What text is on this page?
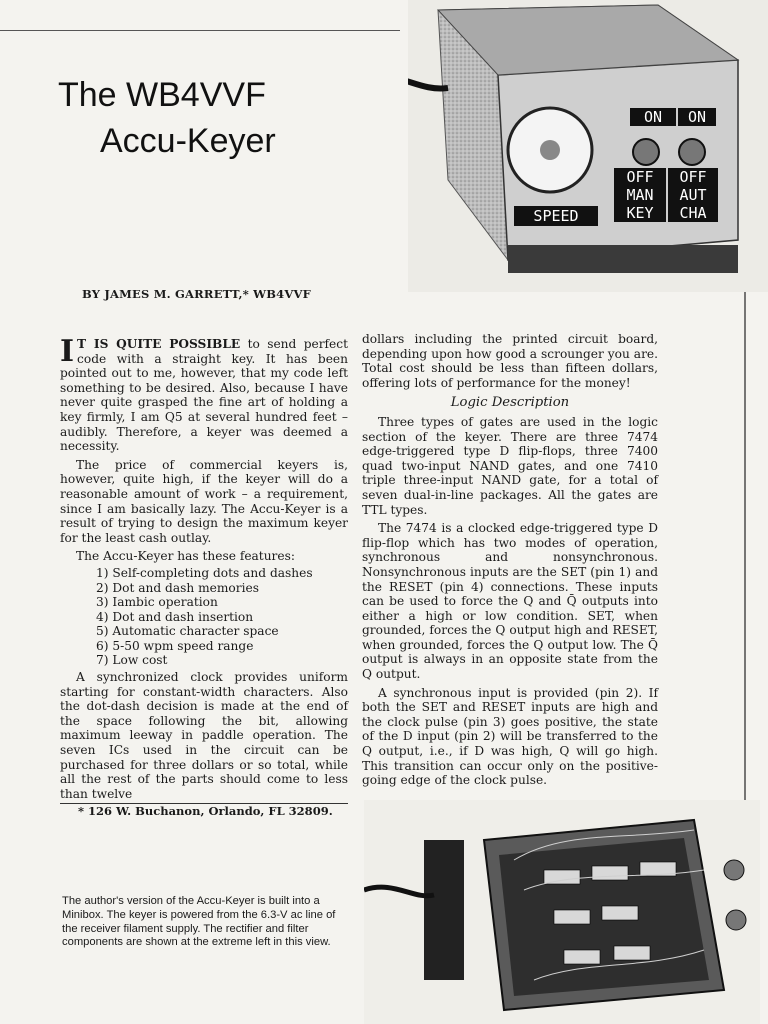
The WB4VVF
Accu-Keyer
ON ON
OFF OFF
MAN AUT
KEY CHA
SPEED
BY JAMES M. GARRETT,* WB4VVF

I T IS QUITE POSSIBLE to send perfect code with a straight key. It has been pointed out to me, however, that my code left something to be desired. Also, because I have never quite grasped the fine art of holding a key firmly, I am Q5 at several hundred feet – audibly. Therefore, a keyer was deemed a necessity.

The price of commercial keyers is, however, quite high, if the keyer will do a reasonable amount of work – a requirement, since I am basically lazy. The Accu-Keyer is a result of trying to design the maximum keyer for the least cash outlay.

The Accu-Keyer has these features:

1) Self-completing dots and dashes
2) Dot and dash memories
3) Iambic operation
4) Dot and dash insertion
5) Automatic character space
6) 5-50 wpm speed range
7) Low cost

A synchronized clock provides uniform starting for constant-width characters. Also the dot-dash decision is made at the end of the space following the bit, allowing maximum leeway in paddle operation. The seven ICs used in the circuit can be purchased for three dollars or so total, while all the rest of the parts should come to less than twelve

* 126 W. Buchanon, Orlando, FL 32809.

dollars including the printed circuit board, depending upon how good a scrounger you are. Total cost should be less than fifteen dollars, offering lots of performance for the money!

Logic Description

Three types of gates are used in the logic section of the keyer. There are three 7474 edge-triggered type D flip-flops, three 7400 quad two-input NAND gates, and one 7410 triple three-input NAND gate, for a total of seven dual-in-line packages. All the gates are TTL types.

The 7474 is a clocked edge-triggered type D flip-flop which has two modes of operation, synchronous and nonsynchronous. Nonsynchronous inputs are the SET (pin 1) and the RESET (pin 4) connections. These inputs can be used to force the Q and Q̄ outputs into either a high or low condition. SET, when grounded, forces the Q output high and RESET, when grounded, forces the Q output low. The Q̄ output is always in an opposite state from the Q output.

A synchronous input is provided (pin 2). If both the SET and RESET inputs are high and the clock pulse (pin 3) goes positive, the state of the D input (pin 2) will be transferred to the Q output, i.e., if D was high, Q will go high. This transition can occur only on the positive-going edge of the clock pulse.

The author's version of the Accu-Keyer is built into a Minibox. The keyer is powered from the 6.3-V ac line of the receiver filament supply. The rectifier and filter components are shown at the extreme left in this view.
